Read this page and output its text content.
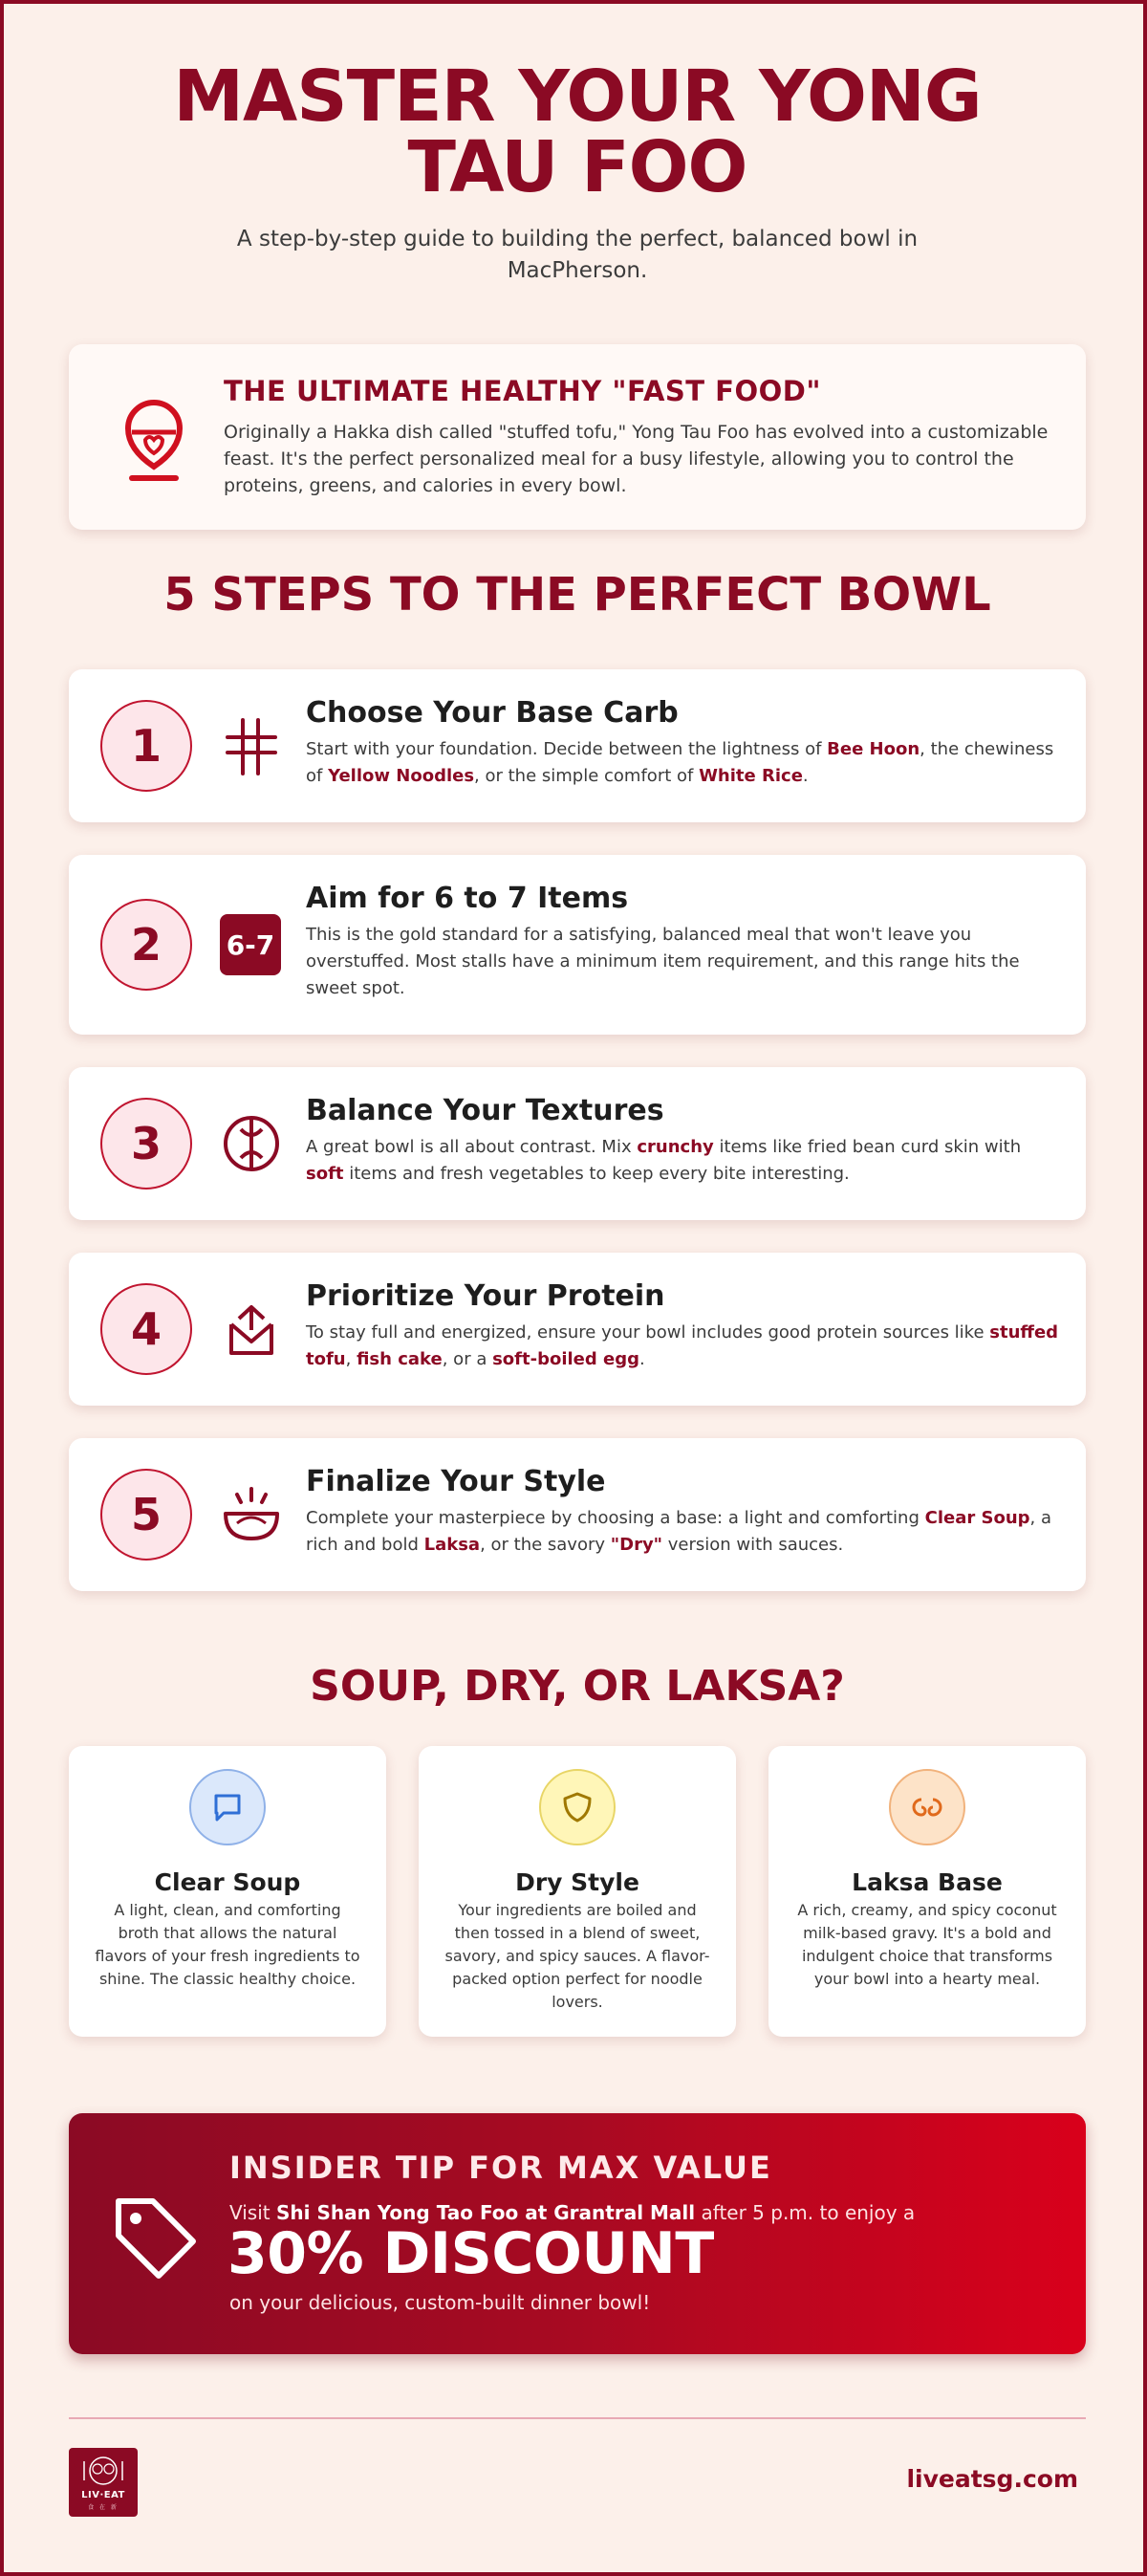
MASTER YOUR YONG TAU FOO
A step-by-step guide to building the perfect, balanced bowl in MacPherson.
THE ULTIMATE HEALTHY "FAST FOOD"
Originally a Hakka dish called "stuffed tofu," Yong Tau Foo has evolved into a customizable feast. It's the perfect personalized meal for a busy lifestyle, allowing you to control the proteins, greens, and calories in every bowl.
5 STEPS TO THE PERFECT BOWL
1
Choose Your Base Carb
Start with your foundation. Decide between the lightness of Bee Hoon, the chewiness of Yellow Noodles, or the simple comfort of White Rice.
2	6-7
Aim for 6 to 7 Items
This is the gold standard for a satisfying, balanced meal that won't leave you overstuffed. Most stalls have a minimum item requirement, and this range hits the sweet spot.
3
Balance Your Textures
A great bowl is all about contrast. Mix crunchy items like fried bean curd skin with soft items and fresh vegetables to keep every bite interesting.
4
Prioritize Your Protein
To stay full and energized, ensure your bowl includes good protein sources like stuffed tofu, fish cake, or a soft-boiled egg.
5
Finalize Your Style
Complete your masterpiece by choosing a base: a light and comforting Clear Soup, a rich and bold Laksa, or the savory "Dry" version with sauces.
SOUP, DRY, OR LAKSA?
Clear Soup
A light, clean, and comforting broth that allows the natural flavors of your fresh ingredients to shine. The classic healthy choice.
Dry Style
Your ingredients are boiled and then tossed in a blend of sweet, savory, and spicy sauces. A flavor-packed option perfect for noodle lovers.
Laksa Base
A rich, creamy, and spicy coconut milk-based gravy. It's a bold and indulgent choice that transforms your bowl into a hearty meal.
INSIDER TIP FOR MAX VALUE
Visit Shi Shan Yong Tao Foo at Grantral Mall after 5 p.m. to enjoy a
30% DISCOUNT
on your delicious, custom-built dinner bowl!
LIV·EAT
食 在 新
liveatsg.com
